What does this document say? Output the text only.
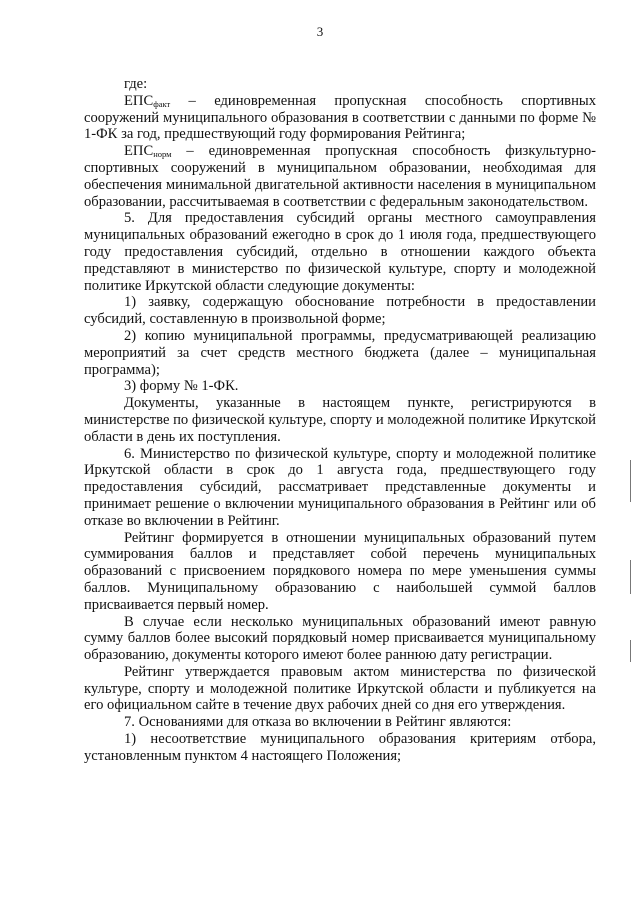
3

где:

$ЕПС_{факт}$ – единовременная пропускная способность спортивных сооружений муниципального образования в соответствии с данными по форме № 1-ФК за год, предшествующий году формирования Рейтинга;

$ЕПС_{норм}$ – единовременная пропускная способность физкультурно-спортивных сооружений в муниципальном образовании, необходимая для обеспечения минимальной двигательной активности населения в муниципальном образовании, рассчитываемая в соответствии с федеральным законодательством.

5. Для предоставления субсидий органы местного самоуправления муниципальных образований ежегодно в срок до 1 июля года, предшествующего году предоставления субсидий, отдельно в отношении каждого объекта представляют в министерство по физической культуре, спорту и молодежной политике Иркутской области следующие документы:

1) заявку, содержащую обоснование потребности в предоставлении субсидий, составленную в произвольной форме;

2) копию муниципальной программы, предусматривающей реализацию мероприятий за счет средств местного бюджета (далее – муниципальная программа);

3) форму № 1-ФК.

Документы, указанные в настоящем пункте, регистрируются в министерстве по физической культуре, спорту и молодежной политике Иркутской области в день их поступления.

6. Министерство по физической культуре, спорту и молодежной политике Иркутской области в срок до 1 августа года, предшествующего году предоставления субсидий, рассматривает представленные документы и принимает решение о включении муниципального образования в Рейтинг или об отказе во включении в Рейтинг.

Рейтинг формируется в отношении муниципальных образований путем суммирования баллов и представляет собой перечень муниципальных образований с присвоением порядкового номера по мере уменьшения суммы баллов. Муниципальному образованию с наибольшей суммой баллов присваивается первый номер.

В случае если несколько муниципальных образований имеют равную сумму баллов более высокий порядковый номер присваивается муниципальному образованию, документы которого имеют более раннюю дату регистрации.

Рейтинг утверждается правовым актом министерства по физической культуре, спорту и молодежной политике Иркутской области и публикуется на его официальном сайте в течение двух рабочих дней со дня его утверждения.

7. Основаниями для отказа во включении в Рейтинг являются:

1) несоответствие муниципального образования критериям отбора, установленным пунктом 4 настоящего Положения;
